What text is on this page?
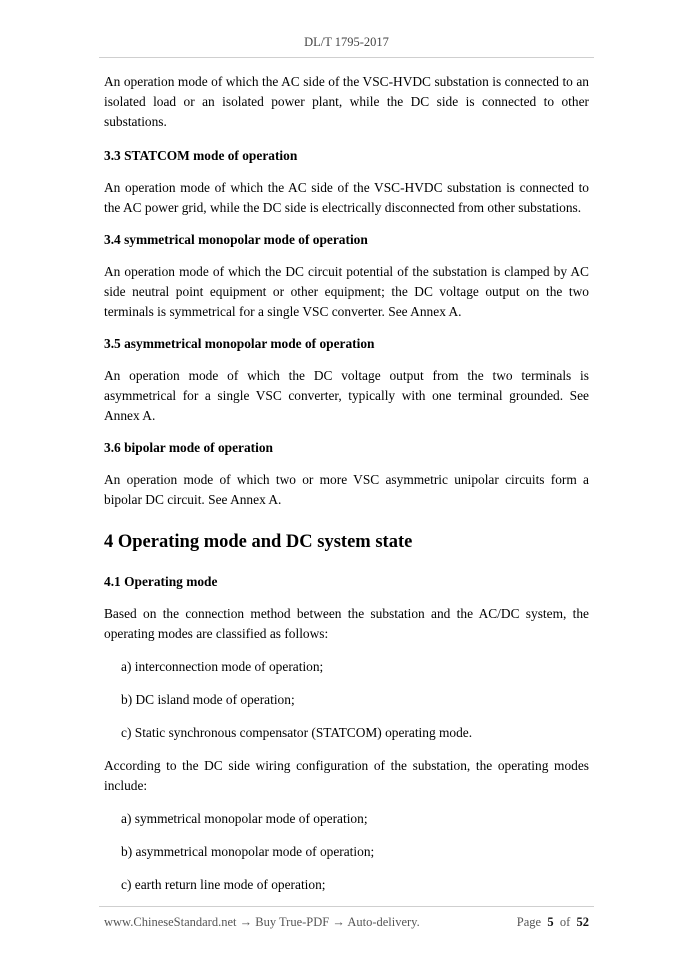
DL/T 1795-2017

An operation mode of which the AC side of the VSC-HVDC substation is connected to an isolated load or an isolated power plant, while the DC side is connected to other substations.

3.3 STATCOM mode of operation

An operation mode of which the AC side of the VSC-HVDC substation is connected to the AC power grid, while the DC side is electrically disconnected from other substations.

3.4 symmetrical monopolar mode of operation

An operation mode of which the DC circuit potential of the substation is clamped by AC side neutral point equipment or other equipment; the DC voltage output on the two terminals is symmetrical for a single VSC converter. See Annex A.

3.5 asymmetrical monopolar mode of operation

An operation mode of which the DC voltage output from the two terminals is asymmetrical for a single VSC converter, typically with one terminal grounded. See Annex A.

3.6 bipolar mode of operation

An operation mode of which two or more VSC asymmetric unipolar circuits form a bipolar DC circuit. See Annex A.

4 Operating mode and DC system state
4.1 Operating mode

Based on the connection method between the substation and the AC/DC system, the operating modes are classified as follows:

a) interconnection mode of operation;

b) DC island mode of operation;

c) Static synchronous compensator (STATCOM) operating mode.

According to the DC side wiring configuration of the substation, the operating modes include:

a) symmetrical monopolar mode of operation;

b) asymmetrical monopolar mode of operation;

c) earth return line mode of operation;

www.ChineseStandard.net → Buy True-PDF → Auto-delivery.	Page 5 of 52
